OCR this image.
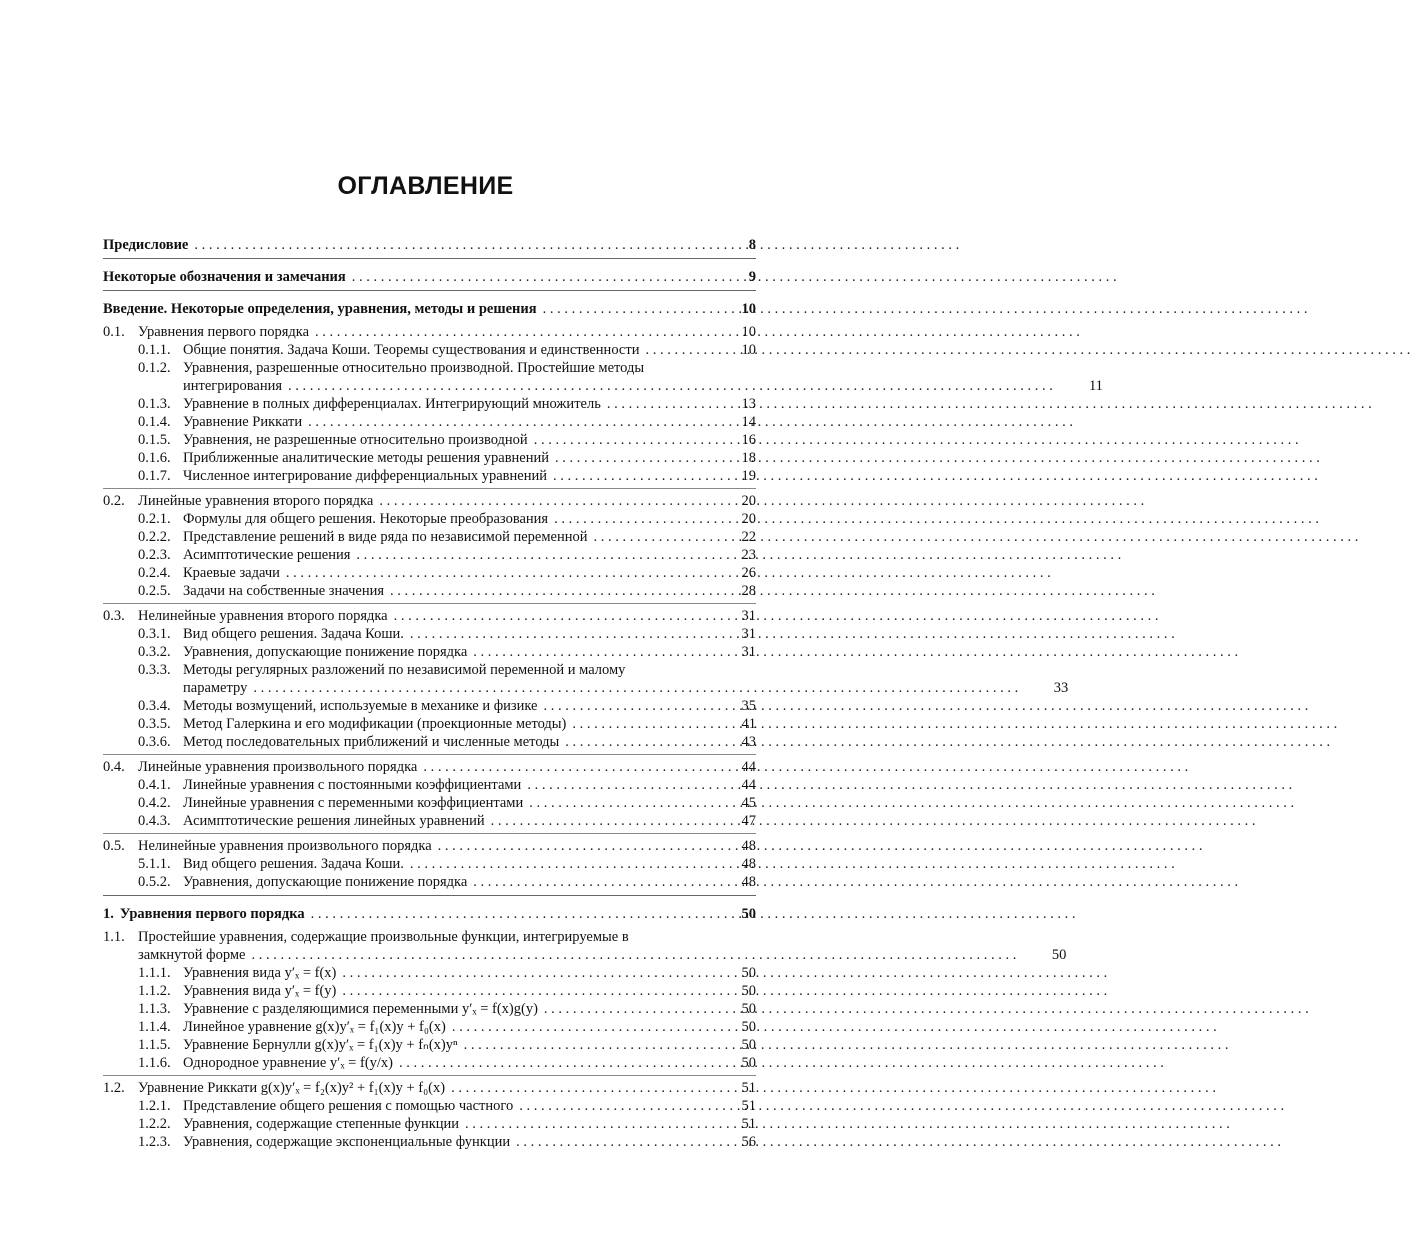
ОГЛАВЛЕНИЕ
Предисловие . . .	8
Некоторые обозначения и замечания . . .	9
Введение. Некоторые определения, уравнения, методы и решения . . .	10
0.1. Уравнения первого порядка . . .	10
0.1.1. Общие понятия. Задача Коши. Теоремы существования и единственности . . .	10
0.1.2. Уравнения, разрешенные относительно производной. Простейшие методы
интегрирования . . .	11
0.1.3. Уравнение в полных дифференциалах. Интегрирующий множитель . . .	13
0.1.4. Уравнение Риккати . . .	14
0.1.5. Уравнения, не разрешенные относительно производной . . .	16
0.1.6. Приближенные аналитические методы решения уравнений . . .	18
0.1.7. Численное интегрирование дифференциальных уравнений . . .	19
0.2. Линейные уравнения второго порядка . . .	20
0.2.1. Формулы для общего решения. Некоторые преобразования . . .	20
0.2.2. Представление решений в виде ряда по независимой переменной . . .	22
0.2.3. Асимптотические решения . . .	23
0.2.4. Краевые задачи . . .	26
0.2.5. Задачи на собственные значения . . .	28
0.3. Нелинейные уравнения второго порядка . . .	31
0.3.1. Вид общего решения. Задача Коши. . . .	31
0.3.2. Уравнения, допускающие понижение порядка . . .	31
0.3.3. Методы регулярных разложений по независимой переменной и малому
параметру . . .	33
0.3.4. Методы возмущений, используемые в механике и физике . . .	35
0.3.5. Метод Галеркина и его модификации (проекционные методы) . . .	41
0.3.6. Метод последовательных приближений и численные методы . . .	43
0.4. Линейные уравнения произвольного порядка . . .	44
0.4.1. Линейные уравнения с постоянными коэффициентами . . .	44
0.4.2. Линейные уравнения с переменными коэффициентами . . .	45
0.4.3. Асимптотические решения линейных уравнений . . .	47
0.5. Нелинейные уравнения произвольного порядка . . .	48
5.1.1. Вид общего решения. Задача Коши. . . .	48
0.5.2. Уравнения, допускающие понижение порядка . . .	48
1. Уравнения первого порядка . . .	50
1.1. Простейшие уравнения, содержащие произвольные функции, интегрируемые в
замкнутой форме . . .	50
1.1.1. Уравнения вида y′ₓ = f(x) . . .	50
1.1.2. Уравнения вида y′ₓ = f(y) . . .	50
1.1.3. Уравнение с разделяющимися переменными y′ₓ = f(x)g(y) . . .	50
1.1.4. Линейное уравнение g(x)y′ₓ = f₁(x)y + f₀(x) . . .	50
1.1.5. Уравнение Бернулли g(x)y′ₓ = f₁(x)y + fₙ(x)yⁿ . . .	50
1.1.6. Однородное уравнение y′ₓ = f(y/x) . . .	50
1.2. Уравнение Риккати g(x)y′ₓ = f₂(x)y² + f₁(x)y + f₀(x) . . .	51
1.2.1. Представление общего решения с помощью частного . . .	51
1.2.2. Уравнения, содержащие степенные функции . . .	51
1.2.3. Уравнения, содержащие экспоненциальные функции . . .	56
